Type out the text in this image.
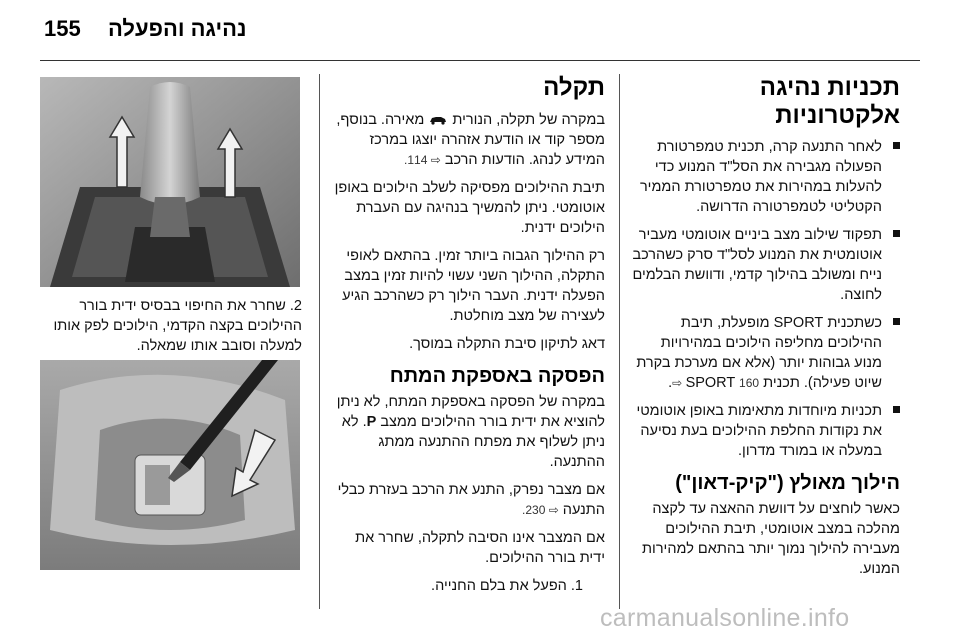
155 נהיגה והפעלה
תכניות נהיגה אלקטרוניות
לאחר התנעה קרה, תכנית טמפרטורת הפעולה מגבירה את הסל"ד המנוע כדי להעלות במהירות את טמפרטורת הממיר הקטליטי לטמפרטורה הדרושה.
תפקוד שילוב מצב ביניים אוטומטי מעביר אוטומטית את המנוע לסל"ד סרק כשהרכב נייח ומשולב בהילוך קדמי, ודוושת הבלמים לחוצה.
כשתכנית SPORT מופעלת, תיבת ההילוכים מחליפה הילוכים במהירויות מנוע גבוהות יותר (אלא אם מערכת בקרת שיוט פעילה). תכנית SPORT 160 ⇨.
תכניות מיוחדות מתאימות באופן אוטומטי את נקודות החלפת ההילוכים בעת נסיעה במעלה או במורד מדרון.
הילוך מאולץ ("קיק-דאון")

כאשר לוחצים על דוושת ההאצה עד לקצה מהלכה במצב אוטומטי, תיבת ההילוכים מעבירה להילוך נמוך יותר בהתאם למהירות המנוע.

תקלה

במקרה של תקלה, הנורית  מאירה. בנוסף, מספר קוד או הודעת אזהרה יוצגו במרכז המידע לנהג. הודעות הרכב ⇨ 114.

תיבת ההילוכים מפסיקה לשלב הילוכים באופן אוטומטי. ניתן להמשיך בנהיגה עם העברת הילוכים ידנית.

רק ההילוך הגבוה ביותר זמין. בהתאם לאופי התקלה, ההילוך השני עשוי להיות זמין במצב הפעלה ידנית. העבר הילוך רק כשהרכב הגיע לעצירה של מצב מוחלטת.

דאג לתיקון סיבת התקלה במוסך.

הפסקה באספקת המתח

במקרה של הפסקה באספקת המתח, לא ניתן להוציא את ידית בורר ההילוכים ממצב P. לא ניתן לשלוף את מפתח ההתנעה ממתג ההתנעה.

אם מצבר נפרק, התנע את הרכב בעזרת כבלי התנעה ⇨ 230.

אם המצבר אינו הסיבה לתקלה, שחרר את ידית בורר ההילוכים.

1. הפעל את בלם החנייה.

2. שחרר את החיפוי בבסיס ידית בורר ההילוכים בקצה הקדמי, הילוכים לפק אותו למעלה וסובב אותו שמאלה.
carmanualsonline.info
